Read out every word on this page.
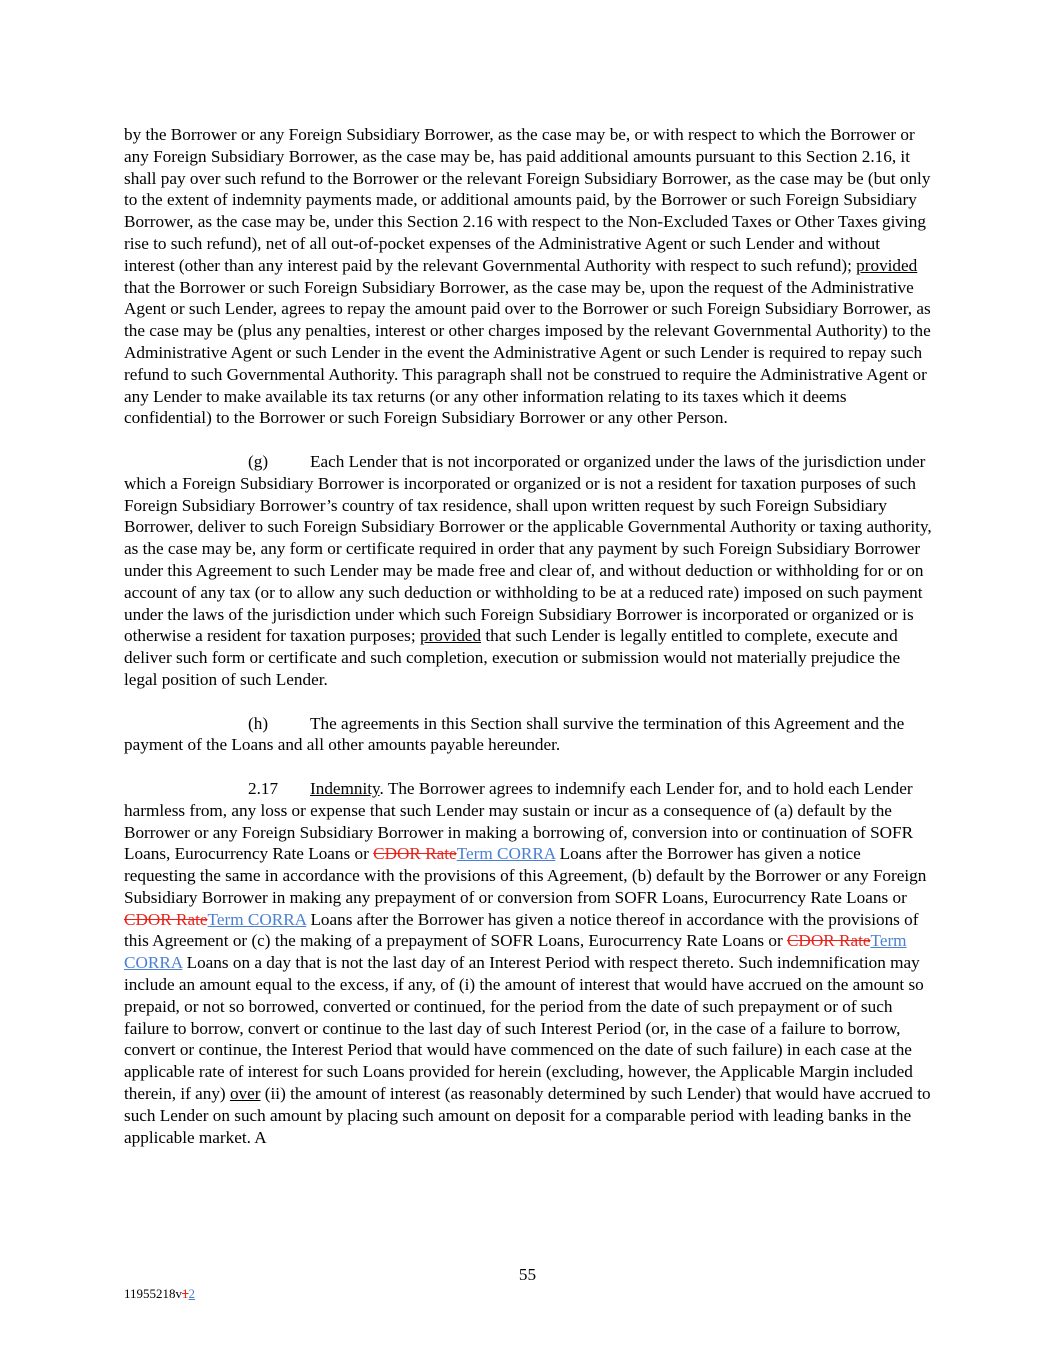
by the Borrower or any Foreign Subsidiary Borrower, as the case may be, or with respect to which the Borrower or any Foreign Subsidiary Borrower, as the case may be, has paid additional amounts pursuant to this Section 2.16, it shall pay over such refund to the Borrower or the relevant Foreign Subsidiary Borrower, as the case may be (but only to the extent of indemnity payments made, or additional amounts paid, by the Borrower or such Foreign Subsidiary Borrower, as the case may be, under this Section 2.16 with respect to the Non-Excluded Taxes or Other Taxes giving rise to such refund), net of all out-of-pocket expenses of the Administrative Agent or such Lender and without interest (other than any interest paid by the relevant Governmental Authority with respect to such refund); provided that the Borrower or such Foreign Subsidiary Borrower, as the case may be, upon the request of the Administrative Agent or such Lender, agrees to repay the amount paid over to the Borrower or such Foreign Subsidiary Borrower, as the case may be (plus any penalties, interest or other charges imposed by the relevant Governmental Authority) to the Administrative Agent or such Lender in the event the Administrative Agent or such Lender is required to repay such refund to such Governmental Authority. This paragraph shall not be construed to require the Administrative Agent or any Lender to make available its tax returns (or any other information relating to its taxes which it deems confidential) to the Borrower or such Foreign Subsidiary Borrower or any other Person.

(g) Each Lender that is not incorporated or organized under the laws of the jurisdiction under which a Foreign Subsidiary Borrower is incorporated or organized or is not a resident for taxation purposes of such Foreign Subsidiary Borrower’s country of tax residence, shall upon written request by such Foreign Subsidiary Borrower, deliver to such Foreign Subsidiary Borrower or the applicable Governmental Authority or taxing authority, as the case may be, any form or certificate required in order that any payment by such Foreign Subsidiary Borrower under this Agreement to such Lender may be made free and clear of, and without deduction or withholding for or on account of any tax (or to allow any such deduction or withholding to be at a reduced rate) imposed on such payment under the laws of the jurisdiction under which such Foreign Subsidiary Borrower is incorporated or organized or is otherwise a resident for taxation purposes; provided that such Lender is legally entitled to complete, execute and deliver such form or certificate and such completion, execution or submission would not materially prejudice the legal position of such Lender.

(h) The agreements in this Section shall survive the termination of this Agreement and the payment of the Loans and all other amounts payable hereunder.

2.17 Indemnity. The Borrower agrees to indemnify each Lender for, and to hold each Lender harmless from, any loss or expense that such Lender may sustain or incur as a consequence of (a) default by the Borrower or any Foreign Subsidiary Borrower in making a borrowing of, conversion into or continuation of SOFR Loans, Eurocurrency Rate Loans or CDOR RateTerm CORRA Loans after the Borrower has given a notice requesting the same in accordance with the provisions of this Agreement, (b) default by the Borrower or any Foreign Subsidiary Borrower in making any prepayment of or conversion from SOFR Loans, Eurocurrency Rate Loans or CDOR RateTerm CORRA Loans after the Borrower has given a notice thereof in accordance with the provisions of this Agreement or (c) the making of a prepayment of SOFR Loans, Eurocurrency Rate Loans or CDOR RateTerm CORRA Loans on a day that is not the last day of an Interest Period with respect thereto. Such indemnification may include an amount equal to the excess, if any, of (i) the amount of interest that would have accrued on the amount so prepaid, or not so borrowed, converted or continued, for the period from the date of such prepayment or of such failure to borrow, convert or continue to the last day of such Interest Period (or, in the case of a failure to borrow, convert or continue, the Interest Period that would have commenced on the date of such failure) in each case at the applicable rate of interest for such Loans provided for herein (excluding, however, the Applicable Margin included therein, if any) over (ii) the amount of interest (as reasonably determined by such Lender) that would have accrued to such Lender on such amount by placing such amount on deposit for a comparable period with leading banks in the applicable market. A

55
11955218v12
